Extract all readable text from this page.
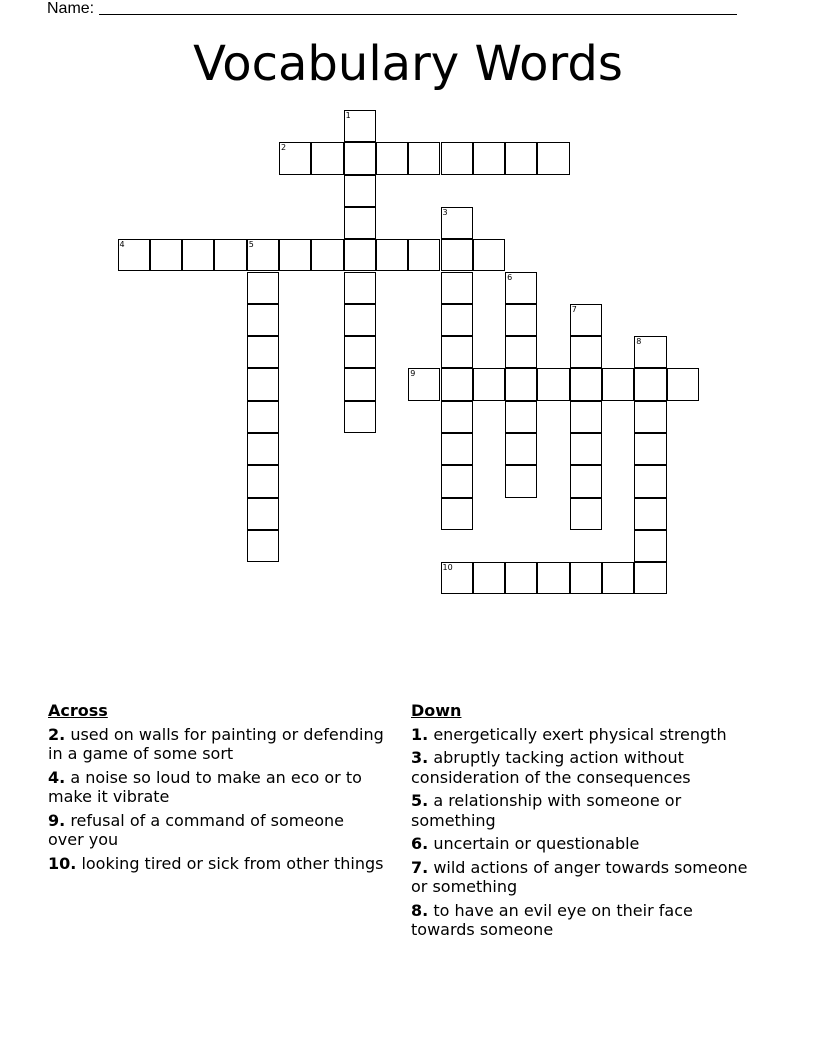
Name:
Vocabulary Words
1
2
3
4	5
6
7
8
9
10
Across
2. used on walls for painting or defending in a game of some sort
4. a noise so loud to make an eco or to make it vibrate
9. refusal of a command of someone over you
10. looking tired or sick from other things
Down
1. energetically exert physical strength
3. abruptly tacking action without consideration of the consequences
5. a relationship with someone or something
6. uncertain or questionable
7. wild actions of anger towards someone or something
8. to have an evil eye on their face towards someone
